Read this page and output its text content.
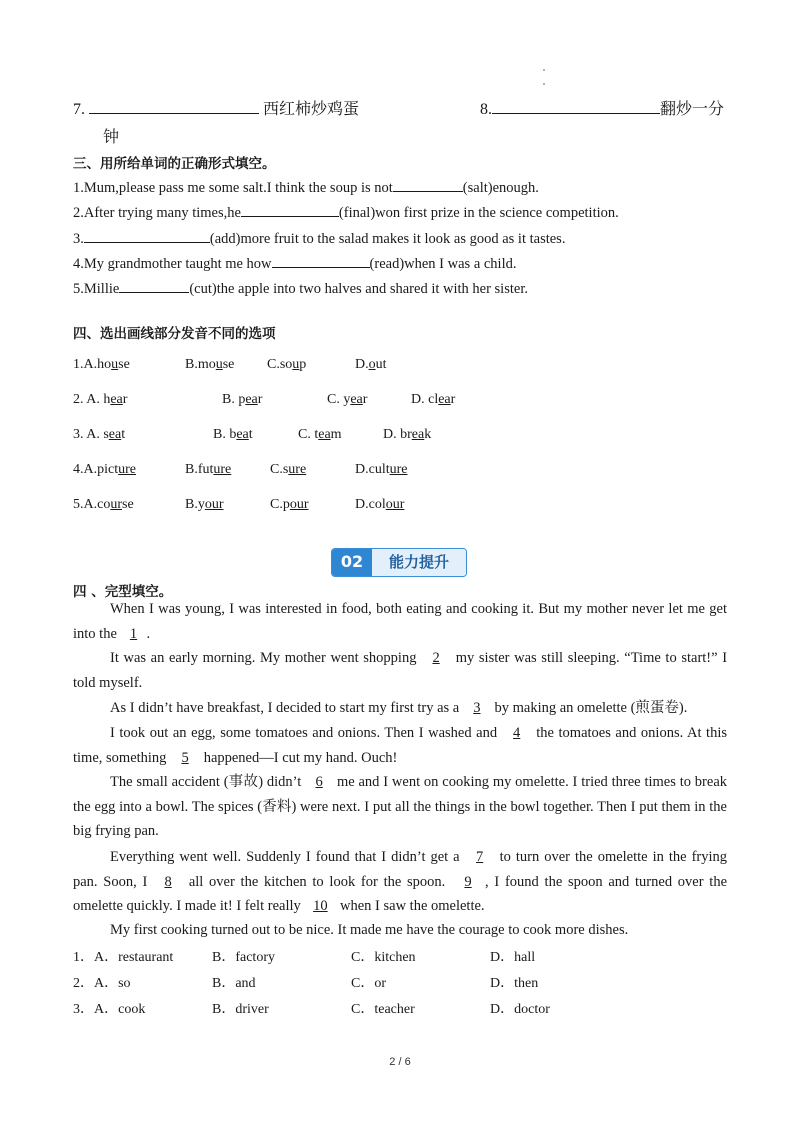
7.	西红柿炒鸡蛋	8.	翻炒一分
钟
三、用所给单词的正确形式填空。
1.Mum,please pass me some salt.I think the soup is not	(salt)enough.
2.After trying many times,he	(final)won first prize in the science competition.
3.	(add)more fruit to the salad makes it look as good as it tastes.
4.My grandmother taught me how	(read)when I was a child.
5.Millie	(cut)the apple into two halves and shared it with her sister.
四、选出画线部分发音不同的选项
1.A.house	B.mouse C.soup	D.out
2. A. hear	B. pear	C. year	D. clear
3. A. seat	B. beat	C. team	D. break
4.A.picture	B.future	C.sure	D.culture
5.A.course	B.your	C.pour	D.colour
02	能力提升
四 、完型填空。
When I was young, I was interested in food, both eating and cooking it. But my mother never let me get into the 1 .
It was an early morning. My mother went shopping 2 my sister was still sleeping. “Time to start!” I told myself.
As I didn’t have breakfast, I decided to start my first try as a 3 by making an omelette (煎蛋卷).
I took out an egg, some tomatoes and onions. Then I washed and 4 the tomatoes and onions. At this time, something 5 happened—I cut my hand. Ouch!
The small accident (事故) didn’t 6 me and I went on cooking my omelette. I tried three times to break the egg into a bowl. The spices (香料) were next. I put all the things in the bowl together. Then I put them in the big frying pan.
Everything went well. Suddenly I found that I didn’t get a 7 to turn over the omelette in the frying pan. Soon, I 8 all over the kitchen to look for the spoon. 9 , I found the spoon and turned over the omelette quickly. I made it! I felt really 10 when I saw the omelette.
My first cooking turned out to be nice. It made me have the courage to cook more dishes.
1．A．restaurant	B．factory	C．kitchen	D．hall
2．A．so	B．and	C．or	D．then
3．A．cook	B．driver	C．teacher	D．doctor
2 / 6
